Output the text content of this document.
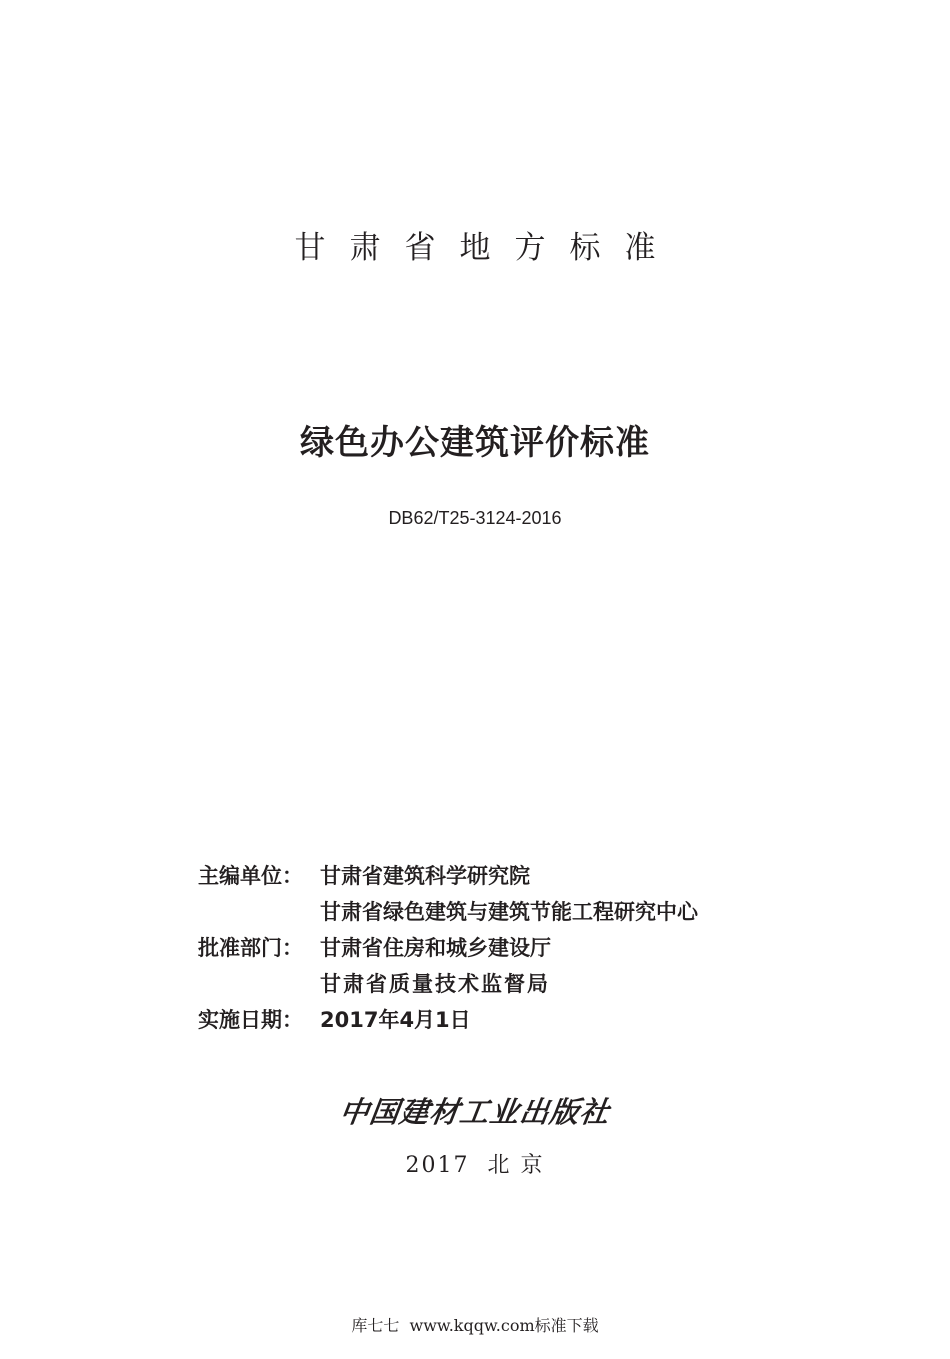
甘肃省地方标准
绿色办公建筑评价标准
DB62/T25-3124-2016
主编单位： 甘肃省建筑科学研究院
甘肃省绿色建筑与建筑节能工程研究中心
批准部门： 甘肃省住房和城乡建设厅
甘肃省质量技术监督局
实施日期： 2017年4月1日
中国建材工业出版社
2017  北 京
库七七  www.kqqw.com标准下载
